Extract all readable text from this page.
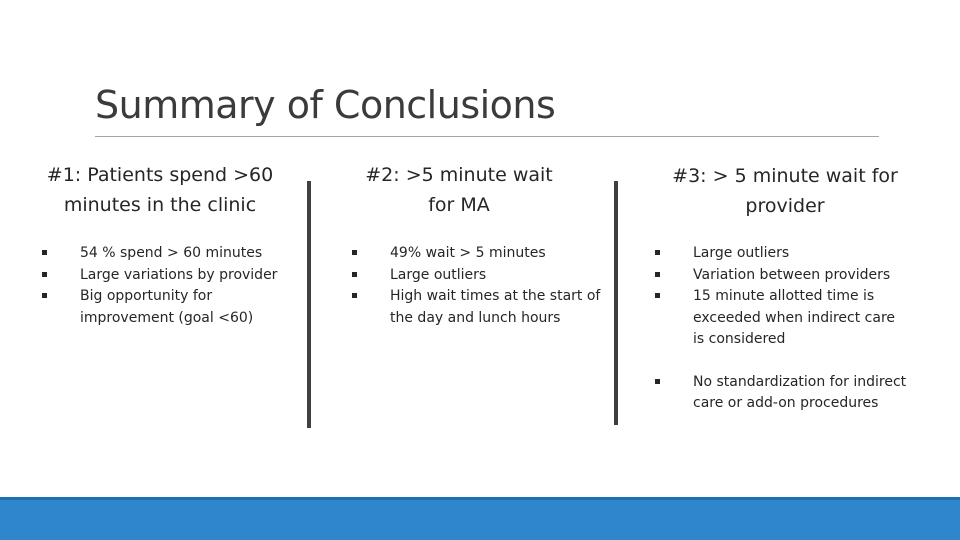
Summary of Conclusions
#1: Patients spend >60
minutes in the clinic
54 % spend > 60 minutes
Large variations by provider
Big opportunity for
improvement (goal <60)
#2: >5 minute wait
for MA
49% wait > 5 minutes
Large outliers
High wait times at the start of
the day and lunch hours
#3: > 5 minute wait for
provider
Large outliers
Variation between providers
15 minute allotted time is
exceeded when indirect care
is considered
No standardization for indirect
care or add-on procedures
